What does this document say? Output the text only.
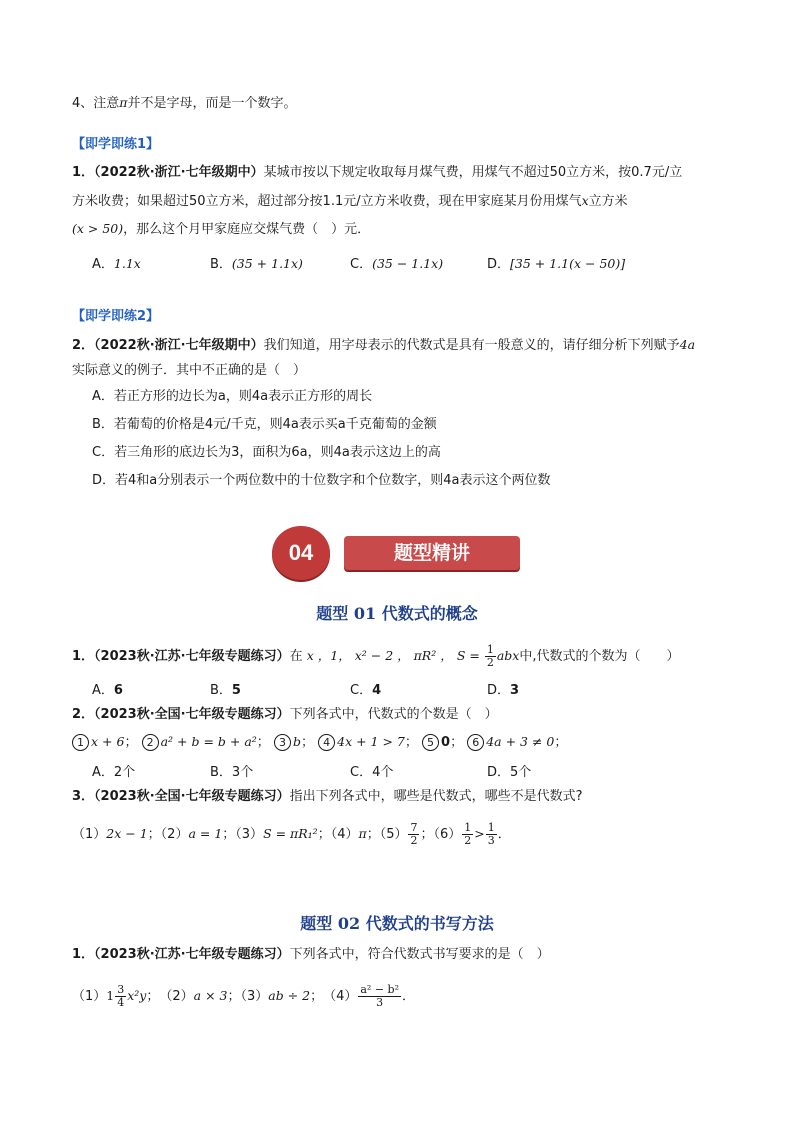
4、注意π并不是字母，而是一个数字。
【即学即练1】
1．（2022秋·浙江·七年级期中）某城市按以下规定收取每月煤气费，用煤气不超过50立方米，按0.7元/立
方米收费；如果超过50立方米，超过部分按1.1元/立方米收费，现在甲家庭某月份用煤气x立方米
(x > 50)，那么这个月甲家庭应交煤气费（　）元．
A．1.1x	B．(35 + 1.1x)	C．(35 − 1.1x)	D．[35 + 1.1(x − 50)]
【即学即练2】
2．（2022秋·浙江·七年级期中）我们知道，用字母表示的代数式是具有一般意义的，请仔细分析下列赋予4a
实际意义的例子．其中不正确的是（　）
A．若正方形的边长为a，则4a表示正方形的周长
B．若葡萄的价格是4元/千克，则4a表示买a千克葡萄的金额
C．若三角形的底边长为3，面积为6a，则4a表示这边上的高
D．若4和a分别表示一个两位数中的十位数字和个位数字，则4a表示这个两位数
04	题型精讲
题型 01 代数式的概念
1．（2023秋·江苏·七年级专题练习）在 x ，1， x² − 2 ， πR² ， $S = \frac{1}{2}$ abx中,代数式的个数为（　　）
A．6	B．5	C．4	D．3
2．（2023秋·全国·七年级专题练习）下列各式中，代数式的个数是（　）
1 x + 6； 2 a² + b = b + a²； 3 b； 4 4x + 1 > 7； 5 0； 6 4a + 3 ≠ 0；
A．2个	B．3个	C．4个	D．5个
3．（2023秋·全国·七年级专题练习）指出下列各式中，哪些是代数式，哪些不是代数式?
（1）2x − 1；（2）a = 1；（3）S = πR₁²；（4）π；$(5) \frac{7}{2}$ ；$(6) \frac{1}{2} > \frac{1}{3}$ ．
题型 02 代数式的书写方法
1．（2023秋·江苏·七年级专题练习）下列各式中，符合代数式书写要求的是（　）
$(1)1 \frac{3}{4} x^2y$；　（2）a × 3；（3）ab ÷ 2；　$(4) \frac{\text{a² − b²}}{3}$ ．
